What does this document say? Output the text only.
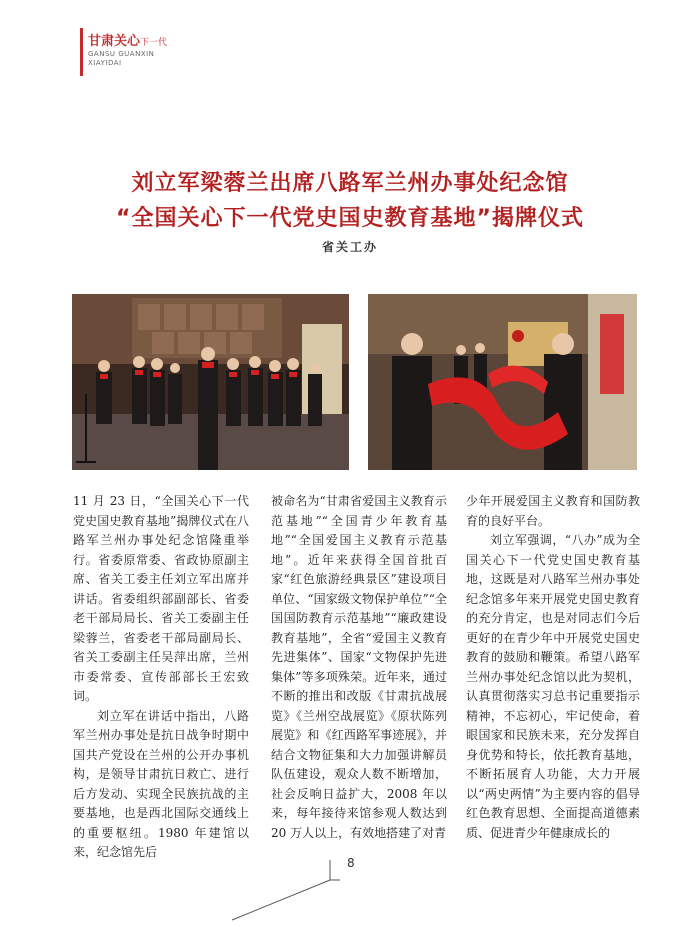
甘肃关心下一代
GANSU GUANXIN
XIAYIDAI
刘立军梁蓉兰出席八路军兰州办事处纪念馆
“全国关心下一代党史国史教育基地”揭牌仪式
省关工办

11 月 23 日，“全国关心下一代党史国史教育基地”揭牌仪式在八路军兰州办事处纪念馆隆重举行。省委原常委、省政协原副主席、省关工委主任刘立军出席并讲话。省委组织部副部长、省委老干部局局长、省关工委副主任梁蓉兰，省委老干部局副局长、省关工委副主任吴萍出席，兰州市委常委、宣传部部长王宏致词。

刘立军在讲话中指出，八路军兰州办事处是抗日战争时期中国共产党设在兰州的公开办事机构，是领导甘肃抗日救亡、进行后方发动、实现全民族抗战的主要基地，也是西北国际交通线上的重要枢纽。1980 年建馆以来，纪念馆先后

被命名为“甘肃省爱国主义教育示范基地”“全国青少年教育基地”“全国爱国主义教育示范基地”。近年来获得全国首批百家“红色旅游经典景区”建设项目单位、“国家级文物保护单位”“全国国防教育示范基地”“廉政建设教育基地”，全省“爱国主义教育先进集体”、国家“文物保护先进集体”等多项殊荣。近年来，通过不断的推出和改版《甘肃抗战展览》《兰州空战展览》《原状陈列展览》和《红西路军事迹展》，并结合文物征集和大力加强讲解员队伍建设，观众人数不断增加，社会反响日益扩大，2008 年以来，每年接待来馆参观人数达到 20 万人以上，有效地搭建了对青

少年开展爱国主义教育和国防教育的良好平台。

刘立军强调，“八办”成为全国关心下一代党史国史教育基地，这既是对八路军兰州办事处纪念馆多年来开展党史国史教育的充分肯定，也是对同志们今后更好的在青少年中开展党史国史教育的鼓励和鞭策。希望八路军兰州办事处纪念馆以此为契机，认真贯彻落实习总书记重要指示精神，不忘初心，牢记使命，着眼国家和民族未来，充分发挥自身优势和特长，依托教育基地，不断拓展育人功能，大力开展以“两史两情”为主要内容的倡导红色教育思想、全面提高道德素质、促进青少年健康成长的

8
